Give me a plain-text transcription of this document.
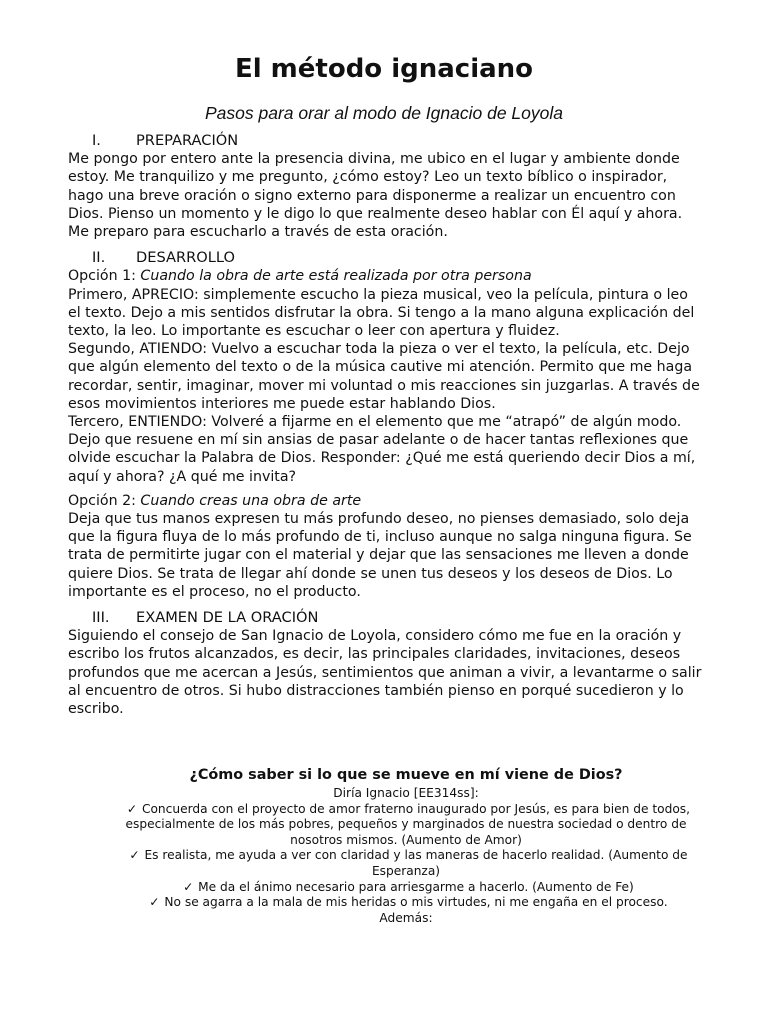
El método ignaciano
Pasos para orar al modo de Ignacio de Loyola
I.	PREPARACIÓN

Me pongo por entero ante la presencia divina, me ubico en el lugar y ambiente donde estoy. Me tranquilizo y me pregunto, ¿cómo estoy? Leo un texto bíblico o inspirador, hago una breve oración o signo externo para disponerme a realizar un encuentro con Dios. Pienso un momento y le digo lo que realmente deseo hablar con Él aquí y ahora. Me preparo para escucharlo a través de esta oración.

II.	DESARROLLO

Opción 1: Cuando la obra de arte está realizada por otra persona

Primero, APRECIO: simplemente escucho la pieza musical, veo la película, pintura o leo el texto. Dejo a mis sentidos disfrutar la obra. Si tengo a la mano alguna explicación del texto, la leo. Lo importante es escuchar o leer con apertura y fluidez.

Segundo, ATIENDO: Vuelvo a escuchar toda la pieza o ver el texto, la película, etc. Dejo que algún elemento del texto o de la música cautive mi atención. Permito que me haga recordar, sentir, imaginar, mover mi voluntad o mis reacciones sin juzgarlas. A través de esos movimientos interiores me puede estar hablando Dios.

Tercero, ENTIENDO: Volveré a fijarme en el elemento que me “atrapó” de algún modo. Dejo que resuene en mí sin ansias de pasar adelante o de hacer tantas reflexiones que olvide escuchar la Palabra de Dios. Responder: ¿Qué me está queriendo decir Dios a mí, aquí y ahora? ¿A qué me invita?

Opción 2: Cuando creas una obra de arte

Deja que tus manos expresen tu más profundo deseo, no pienses demasiado, solo deja que la figura fluya de lo más profundo de ti, incluso aunque no salga ninguna figura. Se trata de permitirte jugar con el material y dejar que las sensaciones me lleven a donde quiere Dios. Se trata de llegar ahí donde se unen tus deseos y los deseos de Dios. Lo importante es el proceso, no el producto.

III.	EXAMEN DE LA ORACIÓN

Siguiendo el consejo de San Ignacio de Loyola, considero cómo me fue en la oración y escribo los frutos alcanzados, es decir, las principales claridades, invitaciones, deseos profundos que me acercan a Jesús, sentimientos que animan a vivir, a levantarme o salir al encuentro de otros. Si hubo distracciones también pienso en porqué sucedieron y lo escribo.

¿Cómo saber si lo que se mueve en mí viene de Dios?
Diría Ignacio [EE314ss]:
✓ Concuerda con el proyecto de amor fraterno inaugurado por Jesús, es para bien de todos, especialmente de los más pobres, pequeños y marginados de nuestra sociedad o dentro de nosotros mismos. (Aumento de Amor)
✓ Es realista, me ayuda a ver con claridad y las maneras de hacerlo realidad. (Aumento de Esperanza)
✓ Me da el ánimo necesario para arriesgarme a hacerlo. (Aumento de Fe)
✓ No se agarra a la mala de mis heridas o mis virtudes, ni me engaña en el proceso.
Además:
